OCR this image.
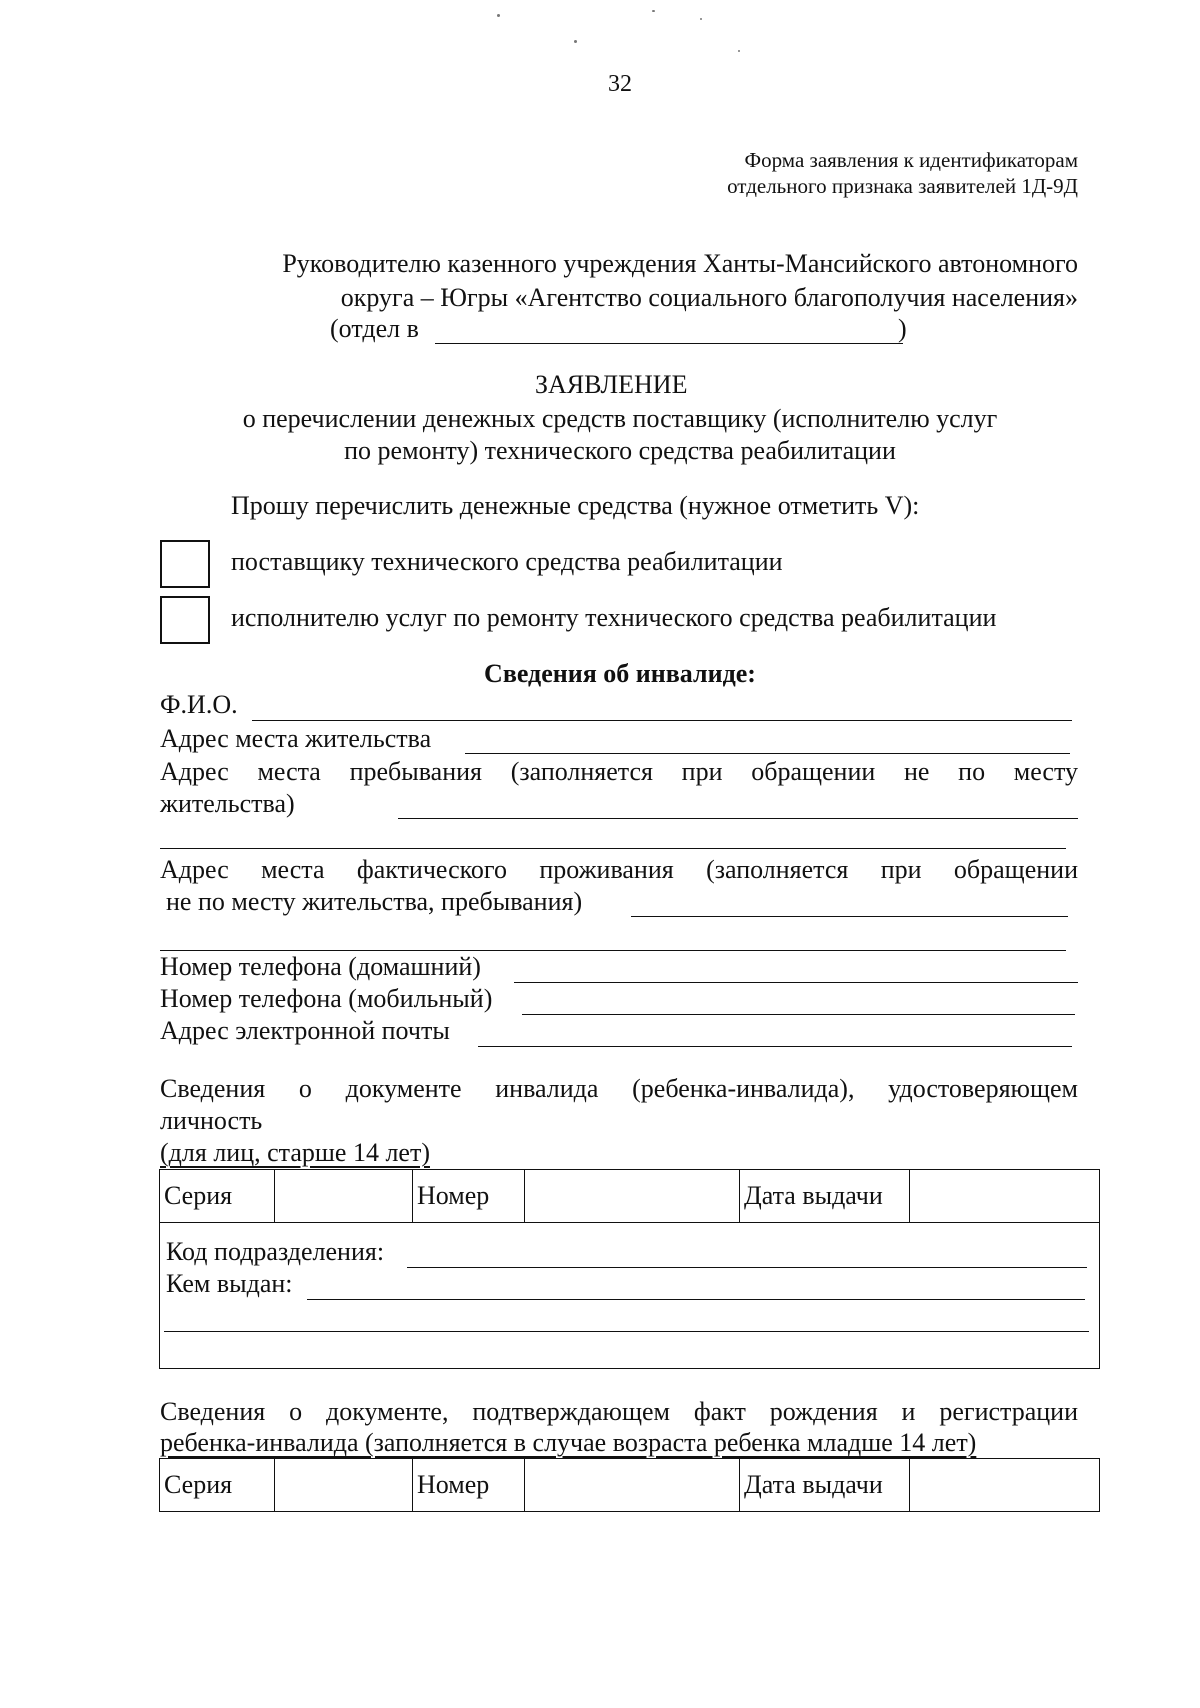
32
Форма заявления к идентификаторам
отдельного признака заявителей 1Д-9Д
Руководителю казенного учреждения Ханты-Мансийского автономного
округа – Югры «Агентство социального благополучия населения»
(отдел в	)
ЗАЯВЛЕНИЕ
о перечислении денежных средств поставщику (исполнителю услуг
по ремонту) технического средства реабилитации
Прошу перечислить денежные средства (нужное отметить V):
поставщику технического средства реабилитации
исполнителю услуг по ремонту технического средства реабилитации
Сведения об инвалиде:
Ф.И.О.
Адрес места жительства
Адрес места пребывания (заполняется при обращении не по месту
жительства)
Адрес места фактического проживания (заполняется при обращении
не по месту жительства, пребывания)
Номер телефона (домашний)
Номер телефона (мобильный)
Адрес электронной почты
Сведения о документе инвалида (ребенка-инвалида), удостоверяющем
личность
(для лиц, старше 14 лет)
Серия		Номер		Дата выдачи	

Код подразделения:
Кем выдан:
Сведения о документе, подтверждающем факт рождения и регистрации
ребенка-инвалида (заполняется в случае возраста ребенка младше 14 лет)
Серия		Номер		Дата выдачи	
